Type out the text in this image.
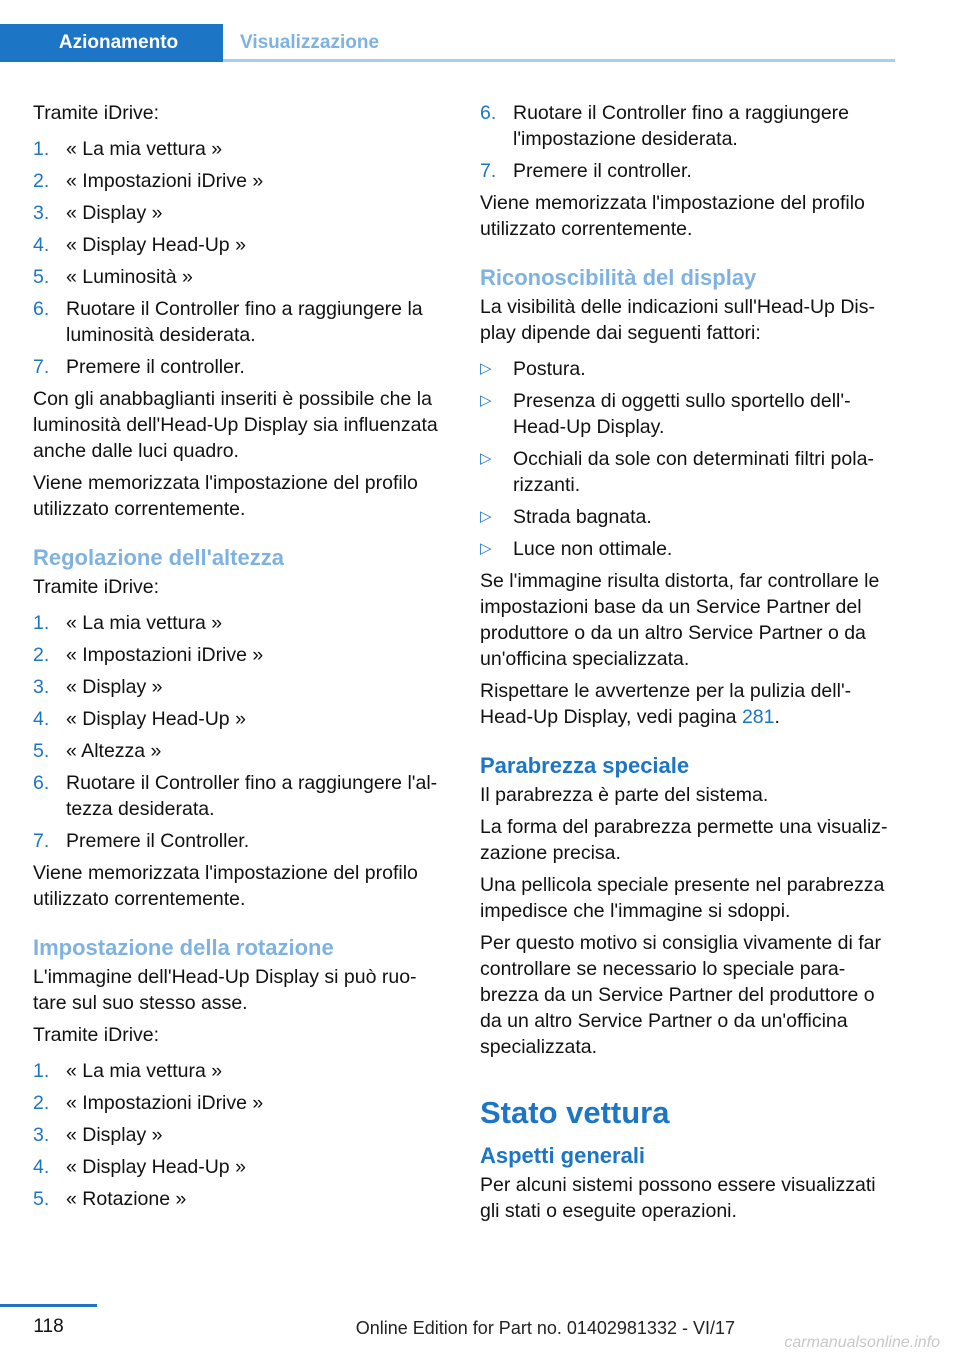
Azionamento	Visualizzazione

Tramite iDrive:

1. « La mia vettura »
2. « Impostazioni iDrive »
3. « Display »
4. « Display Head-Up »
5. « Luminosità »
6. Ruotare il Controller fino a raggiungere la luminosità desiderata.
7. Premere il controller.

Con gli anabbaglianti inseriti è possibile che la luminosità dell'Head-Up Display sia influenzata anche dalle luci quadro.

Viene memorizzata l'impostazione del profilo utilizzato correntemente.

Regolazione dell'altezza

Tramite iDrive:

1. « La mia vettura »
2. « Impostazioni iDrive »
3. « Display »
4. « Display Head-Up »
5. « Altezza »
6. Ruotare il Controller fino a raggiungere l'al-tezza desiderata.
7. Premere il Controller.

Viene memorizzata l'impostazione del profilo utilizzato correntemente.

Impostazione della rotazione

L'immagine dell'Head-Up Display si può ruo-tare sul suo stesso asse.

Tramite iDrive:

1. « La mia vettura »
2. « Impostazioni iDrive »
3. « Display »
4. « Display Head-Up »
5. « Rotazione »
6. Ruotare il Controller fino a raggiungere l'impostazione desiderata.
7. Premere il controller.

Viene memorizzata l'impostazione del profilo utilizzato correntemente.

Riconoscibilità del display

La visibilità delle indicazioni sull'Head-Up Dis-play dipende dai seguenti fattori:

▷	Postura.
▷	Presenza di oggetti sullo sportello dell'-Head-Up Display.
▷	Occhiali da sole con determinati filtri pola-rizzanti.
▷	Strada bagnata.
▷	Luce non ottimale.

Se l'immagine risulta distorta, far controllare le impostazioni base da un Service Partner del produttore o da un altro Service Partner o da un'officina specializzata.

Rispettare le avvertenze per la pulizia dell'-Head-Up Display, vedi pagina 281.

Parabrezza speciale

Il parabrezza è parte del sistema.

La forma del parabrezza permette una visualiz-zazione precisa.

Una pellicola speciale presente nel parabrezza impedisce che l'immagine si sdoppi.

Per questo motivo si consiglia vivamente di far controllare se necessario lo speciale para-brezza da un Service Partner del produttore o da un altro Service Partner o da un'officina specializzata.

Stato vettura
Aspetti generali

Per alcuni sistemi possono essere visualizzati gli stati o eseguite operazioni.

118	Online Edition for Part no. 01402981332 - VI/17
carmanualsonline.info
